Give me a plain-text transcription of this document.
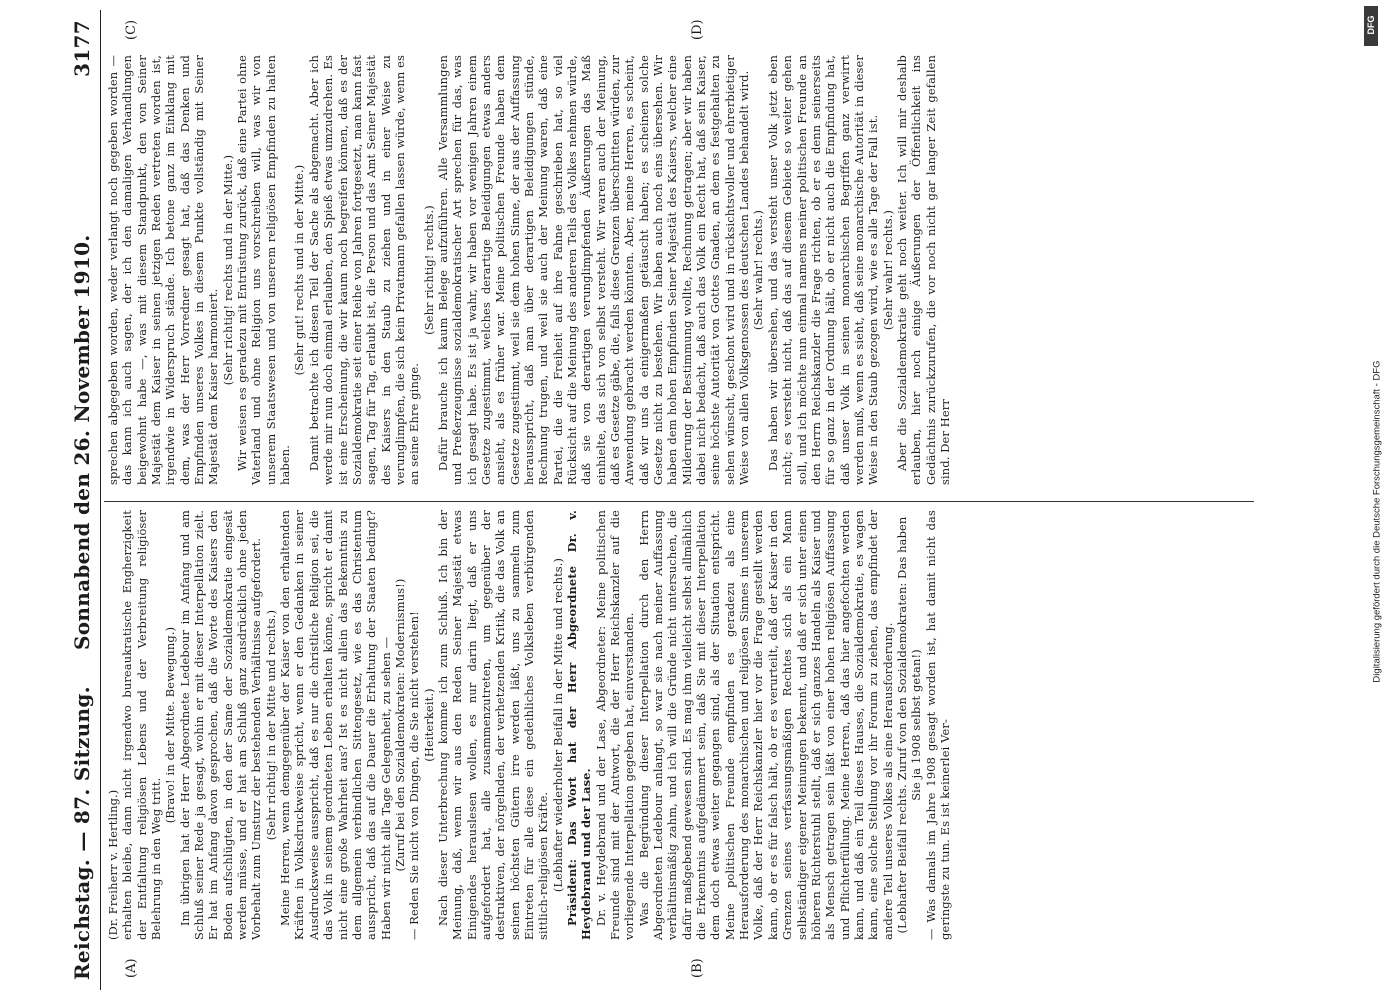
Reichstag. — 87. Sitzung.
Sonnabend den 26. November 1910.
3177
(A)	(B)
(C)	(D)

(Dr. Freiherr v. Hertling.) erhalten bleibe, dann nicht irgendwo bureaukratische Engherzigkeit der Entfaltung religiösen Lebens und der Verbreitung religiöser Belehrung in den Weg tritt.

(Bravo! in der Mitte. Bewegung.) Im übrigen hat der Herr Abgeordnete Ledebour im Anfang und am Schluß seiner Rede ja gesagt, wohin er mit dieser Interpellation zielt. Er hat im Anfang davon gesprochen, daß die Worte des Kaisers den Boden aufschlügten, in den der Same der Sozialdemokratie eingesät werden müsse, und er hat am Schluß ganz ausdrücklich ohne jeden Vorbehalt zum Umsturz der bestehenden Verhältnisse aufgefordert. (Sehr richtig! in der Mitte und rechts.) Meine Herren, wenn demgegenüber der Kaiser von den erhaltenden Kräften in Volksdruckweise spricht, wenn er den Gedanken in seiner Ausdrucksweise ausspricht, daß es nur die christliche Religion sei, die das Volk in seinem geordneten Leben erhalten könne, spricht er damit nicht eine große Wahrheit aus? Ist es nicht allein das Bekenntnis zu dem allgemein verbindlichen Sittengesetz, wie es das Christentum ausspricht, daß das auf die Dauer die Erhaltung der Staaten bedingt? Haben wir nicht alle Tage Gelegenheit, zu sehen — (Zuruf bei den Sozialdemokraten: Modernismus!) — Reden Sie nicht von Dingen, die Sie nicht verstehen! (Heiterkeit.) Nach dieser Unterbrechung komme ich zum Schluß. Ich bin der Meinung, daß, wenn wir aus den Reden Seiner Majestät etwas Einigendes herauslesen wollen, es nur darin liegt, daß er uns aufgefordert hat, alle zusammenzutreten, um gegenüber der destruktiven, der nörgelnden, der verhetzenden Kritik, die das Volk an seinen höchsten Gütern irre werden läßt, uns zu sammeln zum Eintreten für alle diese ein gedeihliches Volksleben verbürgenden sittlich-religiösen Kräfte. (Lebhafter wiederholter Beifall in der Mitte und rechts.) Präsident: Das Wort hat der Herr Abgeordnete Dr. v. Heydebrand und der Lase. Dr. v. Heydebrand und der Lase, Abgeordneter: Meine politischen Freunde sind mit der Antwort, die der Herr Reichskanzler auf die vorliegende Interpellation gegeben hat, einverstanden. Was die Begründung dieser Interpellation durch den Herrn Abgeordneten Ledebour anlangt, so war sie nach meiner Auffassung verhältnismäßig zahm, und ich will die Gründe nicht untersuchen, die dafür maßgebend gewesen sind. Es mag ihm vielleicht selbst allmählich die Erkenntnis aufgedämmert sein, daß Sie mit dieser Interpellation dem doch etwas weiter gegangen sind, als der Situation entspricht. Meine politischen Freunde empfinden es geradezu als eine Herausforderung des monarchischen und religiösen Sinnes in unserem Volke, daß der Herr Reichskanzler hier vor die Frage gestellt werden kann, ob er es für falsch hält, ob er es verurteilt, daß der Kaiser in den Grenzen seines verfassungsmäßigen Rechtes sich als ein Mann selbständiger eigener Meinungen bekennt, und daß er sich unter einen höheren Richterstuhl stellt, daß er sich ganzes Handeln als Kaiser und als Mensch getragen sein läßt von einer hohen religiösen Auffassung und Pflichterfüllung. Meine Herren, daß das hier angefochten werden kann, und daß ein Teil dieses Hauses, die Sozialdemokratie, es wagen kann, eine solche Stellung vor ihr Forum zu ziehen, das empfindet der andere Teil unseres Volkes als eine Herausforderung. (Lebhafter Beifall rechts. Zuruf von den Sozialdemokraten: Das haben Sie ja 1908 selbst getan!) — Was damals im Jahre 1908 gesagt worden ist, hat damit nicht das geringste zu tun. Es ist keinerlei Ver-

sprechen abgegeben worden, weder verlangt noch gegeben worden — das kann ich auch sagen, der ich den damaligen Verhandlungen beigewohnt habe —, was mit diesem Standpunkt, den von Seiner Majestät dem Kaiser in seinen jetzigen Reden vertreten worden ist, irgendwie in Widerspruch stände. Ich betone ganz im Einklang mit dem, was der Herr Vorredner gesagt hat, daß das Denken und Empfinden unseres Volkes in diesem Punkte vollständig mit Seiner Majestät dem Kaiser harmoniert.

(Sehr richtig! rechts und in der Mitte.) Wir weisen es geradezu mit Entrüstung zurück, daß eine Partei ohne Vaterland und ohne Religion uns vorschreiben will, was wir von unserem Staatswesen und von unserem religiösen Empfinden zu halten haben.

(Sehr gut! rechts und in der Mitte.) Damit betrachte ich diesen Teil der Sache als abgemacht. Aber ich werde mir nun doch einmal erlauben, den Spieß etwas umzudrehen. Es ist eine Erscheinung, die wir kaum noch begreifen können, daß es der Sozialdemokratie seit einer Reihe von Jahren fortgesetzt, man kann fast sagen, Tag für Tag, erlaubt ist, die Person und das Amt Seiner Majestät des Kaisers in den Staub zu ziehen und in einer Weise zu verunglimpfen, die sich kein Privatmann gefallen lassen würde, wenn es an seine Ehre ginge.

(Sehr richtig! rechts.) Dafür brauche ich kaum Belege aufzuführen. Alle Versammlungen und Preßerzeugnisse sozialdemokratischer Art sprechen für das, was ich gesagt habe. Es ist ja wahr, wir haben vor wenigen Jahren einem Gesetze zugestimmt, welches derartige Beleidigungen etwas anders ansieht, als es früher war. Meine politischen Freunde haben dem Gesetze zugestimmt, weil sie dem hohen Sinne, der aus der Auffassung herausspricht, daß man über derartigen Beleidigungen stünde, Rechnung trugen, und weil sie auch der Meinung waren, daß eine Partei, die die Freiheit auf ihre Fahne geschrieben hat, so viel Rücksicht auf die Meinung des anderen Teils des Volkes nehmen würde, daß sie von derartigen verunglimpfenden Äußerungen das Maß einhielte, das sich von selbst versteht. Wir waren auch der Meinung, daß es Gesetze gäbe, die, falls diese Grenzen überschritten würden, zur Anwendung gebracht werden könnten. Aber, meine Herren, es scheint, daß wir uns da einigermaßen getäuscht haben; es scheinen solche Gesetze nicht zu bestehen. Wir haben auch noch eins übersehen. Wir haben dem hohen Empfinden Seiner Majestät des Kaisers, welcher eine Milderung der Bestimmung wollte, Rechnung getragen; aber wir haben dabei nicht bedacht, daß auch das Volk ein Recht hat, daß sein Kaiser, seine höchste Autorität von Gottes Gnaden, an dem es festgehalten zu sehen wünscht, geschont wird und in rücksichtsvoller und ehrerbietiger Weise von allen Volksgenossen des deutschen Landes behandelt wird. (Sehr wahr! rechts.) Das haben wir übersehen, und das versteht unser Volk jetzt eben nicht; es versteht nicht, daß das auf diesem Gebiete so weiter gehen soll, und ich möchte nun einmal namens meiner politischen Freunde an den Herrn Reichskanzler die Frage richten, ob er es denn seinerseits für so ganz in der Ordnung hält, ob er nicht auch die Empfindung hat, daß unser Volk in seinen monarchischen Begriffen ganz verwirrt werden muß, wenn es sieht, daß seine monarchische Autorität in dieser Weise in den Staub gezogen wird, wie es alle Tage der Fall ist. (Sehr wahr! rechts.) Aber die Sozialdemokratie geht noch weiter. Ich will mir deshalb erlauben, hier noch einige Äußerungen der Öffentlichkeit ins Gedächtnis zurückzurufen, die vor noch nicht gar langer Zeit gefallen sind. Der Herr	Digitalisierung gefördert durch die Deutsche Forschungsgemeinschaft - DFG
DFG
